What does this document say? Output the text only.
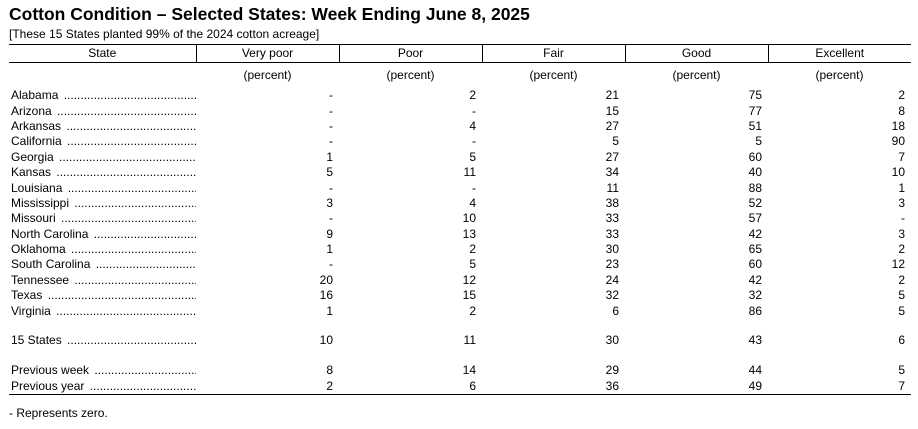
Cotton Condition – Selected States: Week Ending June 8, 2025
[These 15 States planted 99% of the 2024 cotton acreage]
State	Very poor	Poor	Fair	Good	Excellent
	(percent)	(percent)	(percent)	(percent)	(percent)

Alabama .....	-	2	21	75	2

Arizona .....	-	-	15	77	8

Arkansas .....	-	4	27	51	18

California .....	-	-	5	5	90

Georgia .....	1	5	27	60	7

Kansas .....	5	11	34	40	10

Louisiana .....	-	-	11	88	1

Mississippi .....	3	4	38	52	3

Missouri .....	-	10	33	57	-

North Carolina .....	9	13	33	42	3

Oklahoma .....	1	2	30	65	2

South Carolina .....	-	5	23	60	12

Tennessee .....	20	12	24	42	2

Texas .....	16	15	32	32	5

Virginia .....	1	2	6	86	5

15 States .....	10	11	30	43	6

Previous week .....	8	14	29	44	5

Previous year .....	2	6	36	49	7
- Represents zero.
